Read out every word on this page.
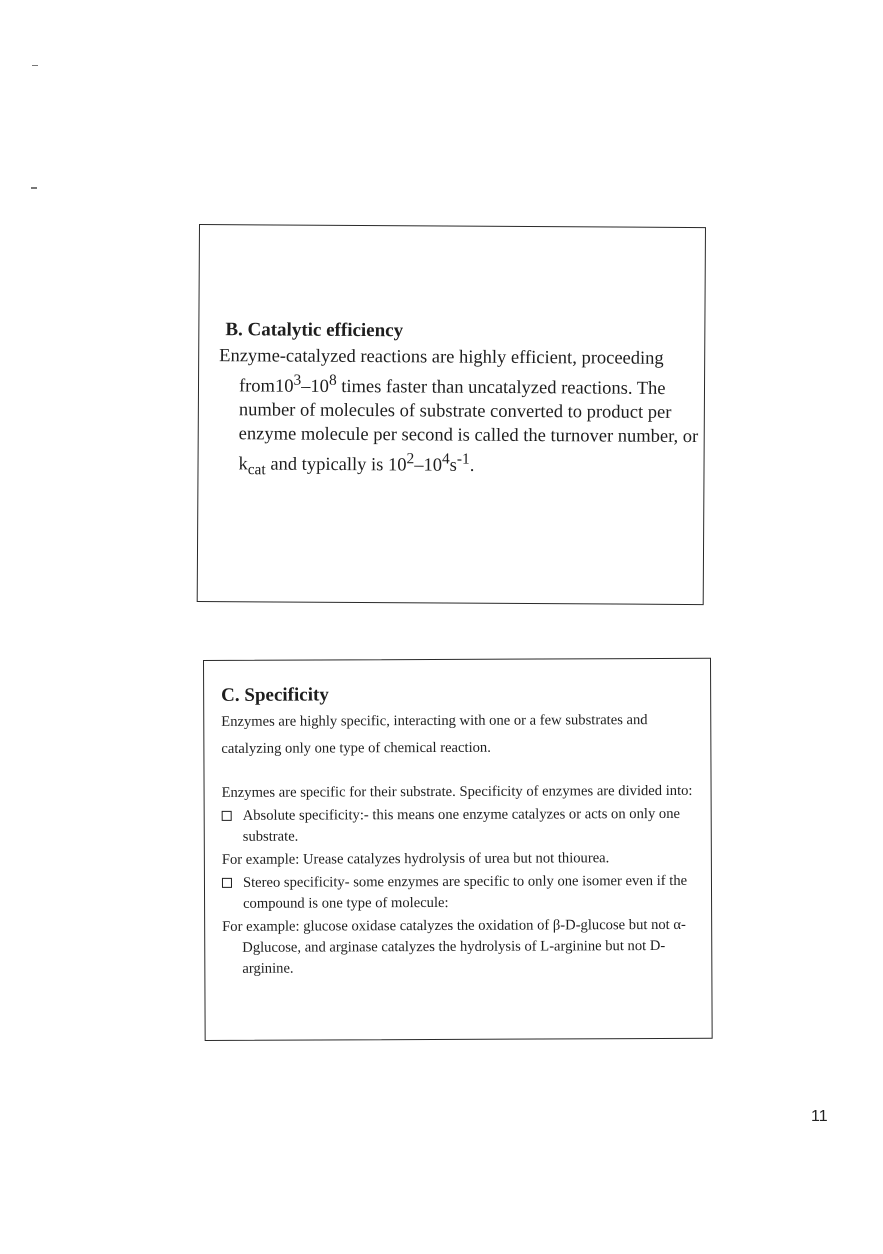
B. Catalytic efficiency

Enzyme-catalyzed reactions are highly efficient, proceeding $from10^3-10^8$ times faster than uncatalyzed reactions. The number of molecules of substrate converted to product per enzyme molecule per second is called the turnover number, or $k_{cat}$ and typically is $10^2-10^4s^{-1}$.

C. Specificity

Enzymes are highly specific, interacting with one or a few substrates and catalyzing only one type of chemical reaction.

Enzymes are specific for their substrate. Specificity of enzymes are divided into:

Absolute specificity:- this means one enzyme catalyzes or acts on only one substrate.

For example: Urease catalyzes hydrolysis of urea but not thiourea.

Stereo specificity- some enzymes are specific to only one isomer even if the compound is one type of molecule:

For example: glucose oxidase catalyzes the oxidation of β-D-glucose but not α-Dglucose, and arginase catalyzes the hydrolysis of L-arginine but not D-arginine.

11
